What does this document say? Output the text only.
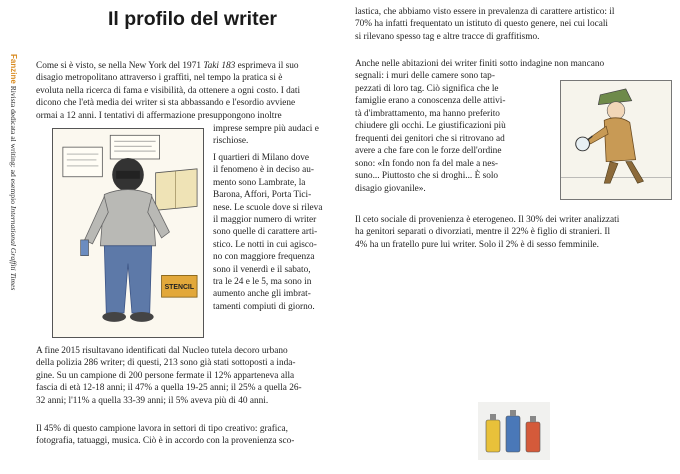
Il profilo del writer
Fanzine Rivista dedicata al writing: ad esempio International Graffiti Times
Come si è visto, se nella New York del 1971 Taki 183 esprimeva il suo
disagio metropolitano attraverso i graffiti, nel tempo la pratica si è
evoluta nella ricerca di fama e visibilità, da ottenere a ogni costo. I dati
dicono che l'età media dei writer si sta abbassando e l'esordio avviene
ormai a 12 anni. I tentativi di affermazione presuppongono inoltre
imprese sempre più audaci e
rischiose.
STENCIL
I quartieri di Milano dove
il fenomeno è in deciso au-
mento sono Lambrate, la
Barona, Affori, Porta Tici-
nese. Le scuole dove si rileva
il maggior numero di writer
sono quelle di carattere arti-
stico. Le notti in cui agisco-
no con maggiore frequenza
sono il venerdì e il sabato,
tra le 24 e le 5, ma sono in
aumento anche gli imbrat-
tamenti compiuti di giorno.
A fine 2015 risultavano identificati dal Nucleo tutela decoro urbano
della polizia 286 writer; di questi, 213 sono già stati sottoposti a inda-
gine. Su un campione di 200 persone fermate il 12% apparteneva alla
fascia di età 12-18 anni; il 47% a quella 19-25 anni; il 25% a quella 26-
32 anni; l'11% a quella 33-39 anni; il 5% aveva più di 40 anni.
Il 45% di questo campione lavora in settori di tipo creativo: grafica,
fotografia, tatuaggi, musica. Ciò è in accordo con la provenienza sco-
lastica, che abbiamo visto essere in prevalenza di carattere artistico: il
70% ha infatti frequentato un istituto di questo genere, nei cui locali
si rilevano spesso tag e altre tracce di graffitismo.
Anche nelle abitazioni dei writer finiti sotto indagine non mancano
segnali: i muri delle camere sono tap-
pezzati di loro tag. Ciò significa che le
famiglie erano a conoscenza delle attivi-
tà d'imbrattamento, ma hanno preferito
chiudere gli occhi. Le giustificazioni più
frequenti dei genitori che si ritrovano ad
avere a che fare con le forze dell'ordine
sono: «In fondo non fa del male a nes-
suno... Piuttosto che si droghi... È solo
disagio giovanile».
Il ceto sociale di provenienza è eterogeneo. Il 30% dei writer analizzati
ha genitori separati o divorziati, mentre il 22% è figlio di stranieri. Il
4% ha un fratello pure lui writer. Solo il 2% è di sesso femminile.
